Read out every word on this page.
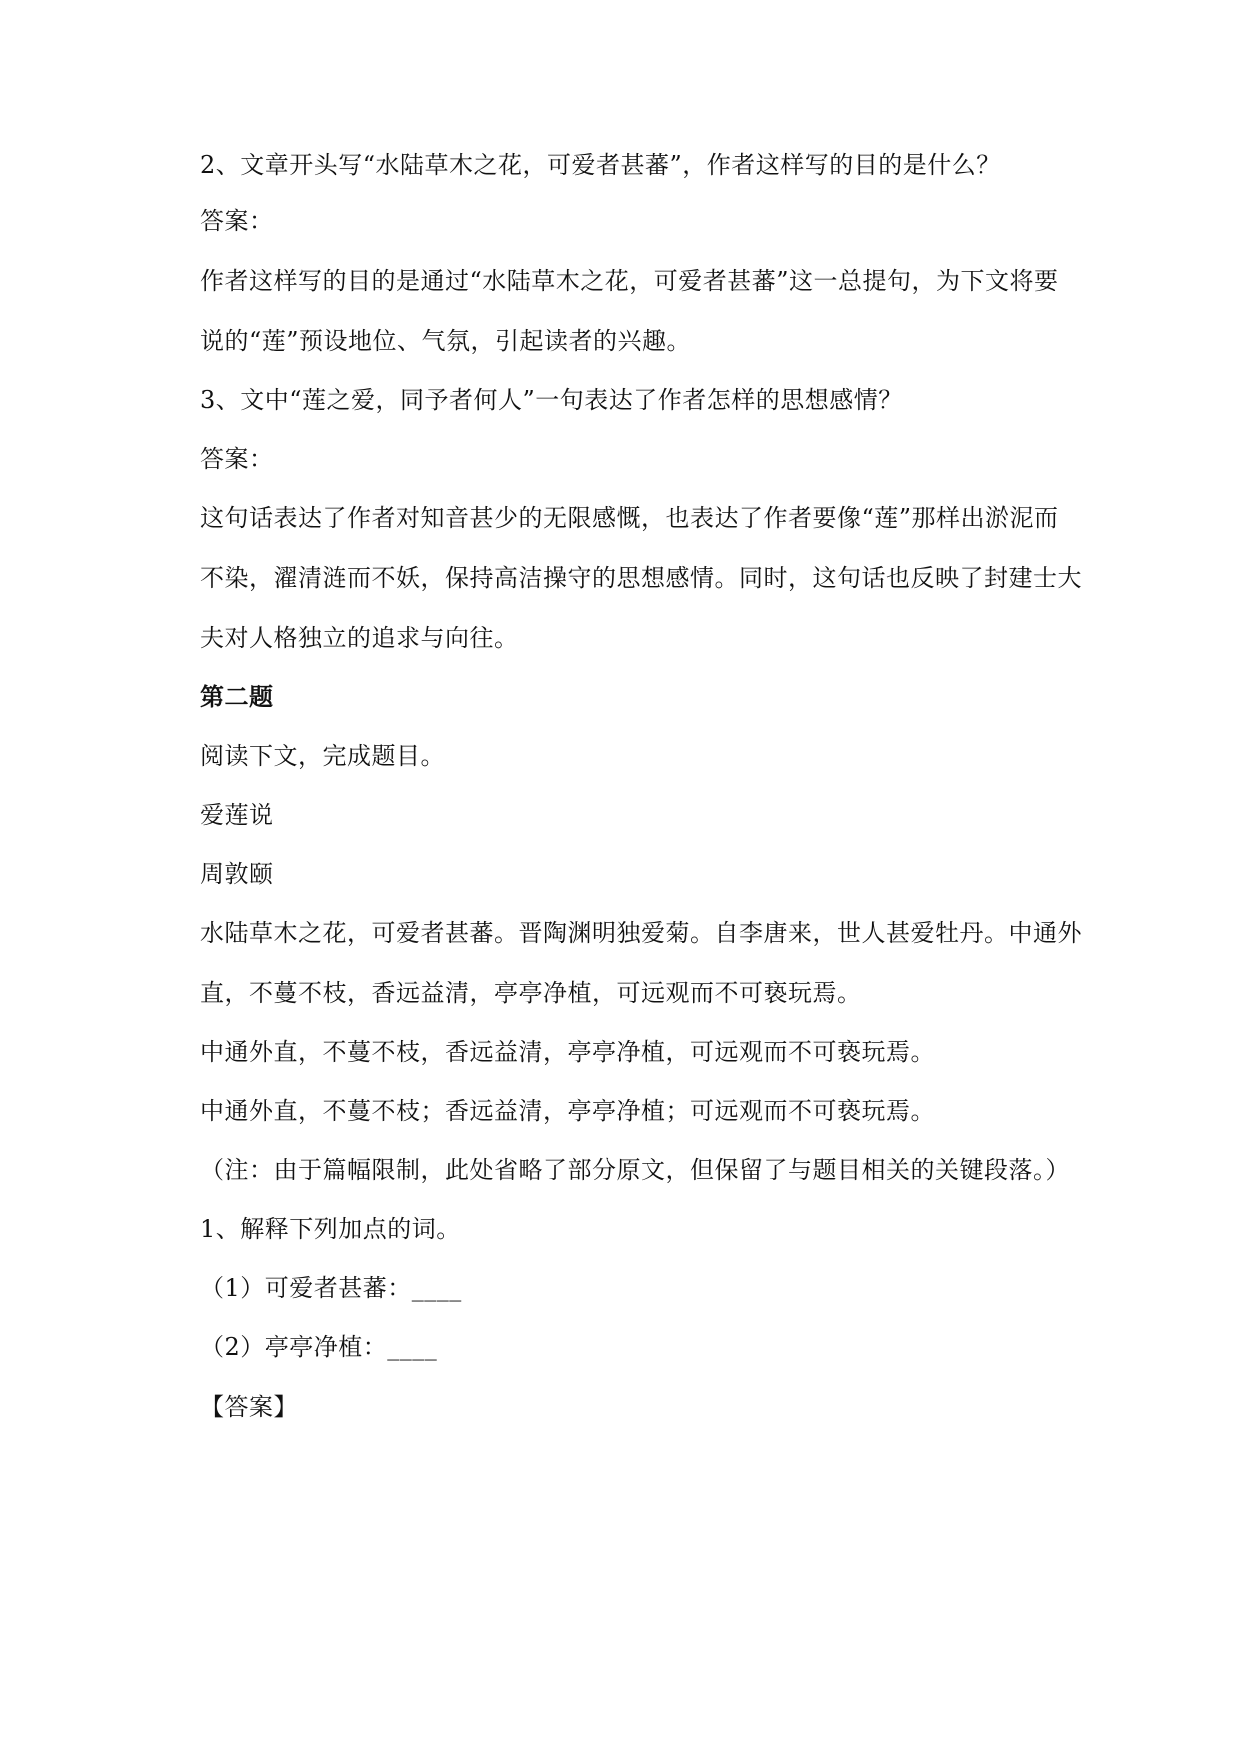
2、文章开头写“水陆草木之花，可爱者甚蕃”，作者这样写的目的是什么？
答案：
作者这样写的目的是通过“水陆草木之花，可爱者甚蕃”这一总提句，为下文将要
说的“莲”预设地位、气氛，引起读者的兴趣。
3、文中“莲之爱，同予者何人”一句表达了作者怎样的思想感情？
答案：
这句话表达了作者对知音甚少的无限感慨，也表达了作者要像“莲”那样出淤泥而
不染，濯清涟而不妖，保持高洁操守的思想感情。同时，这句话也反映了封建士大
夫对人格独立的追求与向往。
第二题
阅读下文，完成题目。
爱莲说
周敦颐
水陆草木之花，可爱者甚蕃。晋陶渊明独爱菊。自李唐来，世人甚爱牡丹。中通外
直，不蔓不枝，香远益清，亭亭净植，可远观而不可亵玩焉。
中通外直，不蔓不枝，香远益清，亭亭净植，可远观而不可亵玩焉。
中通外直，不蔓不枝；香远益清，亭亭净植；可远观而不可亵玩焉。
（注：由于篇幅限制，此处省略了部分原文，但保留了与题目相关的关键段落。）
1、解释下列加点的词。
（1）可爱者甚蕃：____
（2）亭亭净植：____
【答案】
